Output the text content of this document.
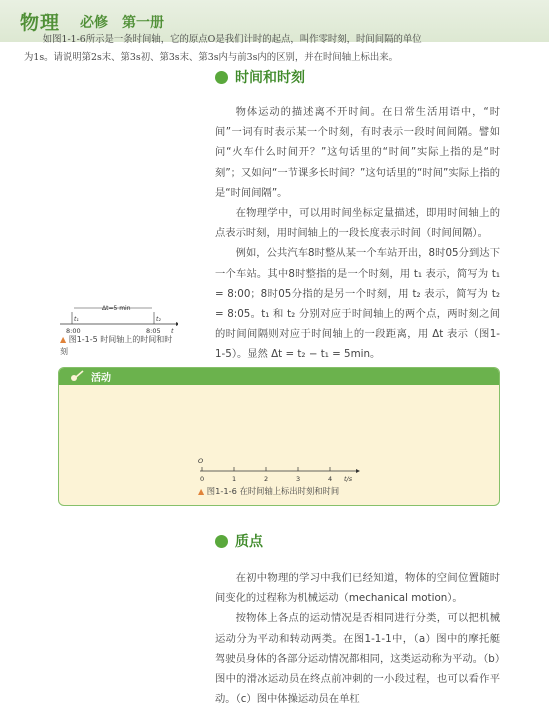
物理 必修　第一册
时间和时刻

物体运动的描述离不开时间。在日常生活用语中，“时间”一词有时表示某一个时刻，有时表示一段时间间隔。譬如问“火车什么时间开？”这句话里的“时间”实际上指的是“时刻”；又如问“一节课多长时间？”这句话里的“时间”实际上指的是“时间间隔”。

在物理学中，可以用时间坐标定量描述，即用时间轴上的点表示时刻，用时间轴上的一段长度表示时间（时间间隔）。

例如，公共汽车8时整从某一个车站开出，8时05分到达下一个车站。其中8时整指的是一个时刻，用 t₁ 表示，简写为 t₁ = 8:00；8时05分指的是另一个时刻，用 t₂ 表示，简写为 t₂ = 8:05。t₁ 和 t₂ 分别对应于时间轴上的两个点，两时刻之间的时间间隔则对应于时间轴上的一段距离，用 Δt 表示（图1-1-5）。显然 Δt = t₂ − t₁ = 5min。

Δt=5 min
t₁	t₂
8:00	8:05 t
▲ 图1-1-5 时间轴上的时间和时刻
活动
如图1-1-6所示是一条时间轴，它的原点O是我们计时的起点，叫作零时刻，时间间隔的单位为1s。请说明第2s末、第3s初、第3s末、第3s内与前3s内的区别，并在时间轴上标出来。
O
0	1	2	3	4 t/s
▲ 图1-1-6 在时间轴上标出时刻和时间
质点

在初中物理的学习中我们已经知道，物体的空间位置随时间变化的过程称为机械运动（mechanical motion）。

按物体上各点的运动情况是否相同进行分类，可以把机械运动分为平动和转动两类。在图1-1-1中，（a）图中的摩托艇驾驶员身体的各部分运动情况都相同，这类运动称为平动。（b）图中的滑冰运动员在终点前冲刺的一小段过程，也可以看作平动。（c）图中体操运动员在单杠
